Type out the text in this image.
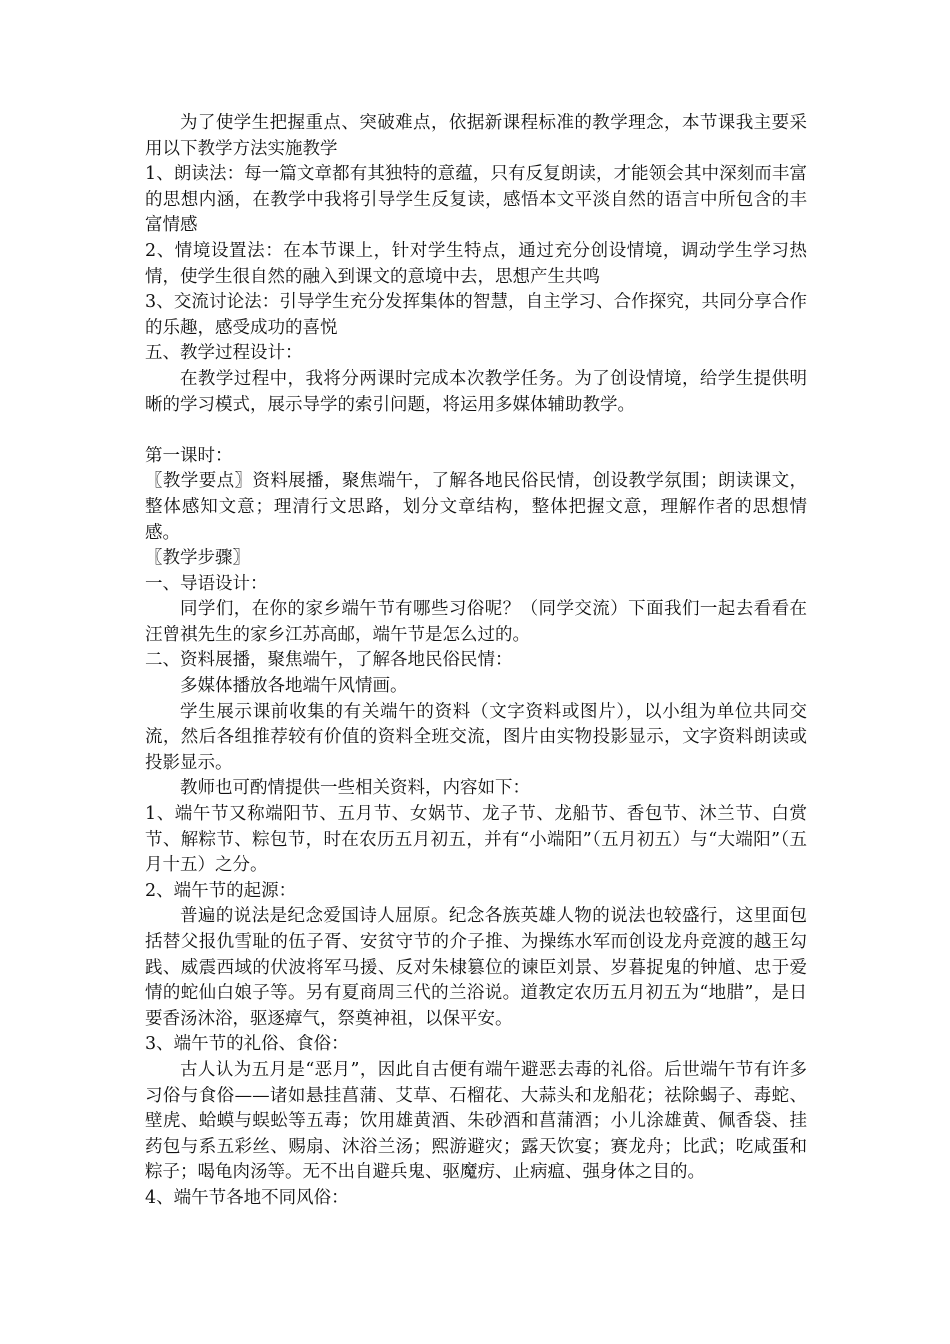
为了使学生把握重点、突破难点，依据新课程标准的教学理念，本节课我主要采用以下教学方法实施教学

1、朗读法：每一篇文章都有其独特的意蕴，只有反复朗读，才能领会其中深刻而丰富的思想内涵，在教学中我将引导学生反复读，感悟本文平淡自然的语言中所包含的丰富情感

2、情境设置法：在本节课上，针对学生特点，通过充分创设情境，调动学生学习热情，使学生很自然的融入到课文的意境中去，思想产生共鸣

3、交流讨论法：引导学生充分发挥集体的智慧，自主学习、合作探究，共同分享合作的乐趣，感受成功的喜悦

五、教学过程设计：

在教学过程中，我将分两课时完成本次教学任务。为了创设情境，给学生提供明晰的学习模式，展示导学的索引问题，将运用多媒体辅助教学。

第一课时：

〖教学要点〗资料展播，聚焦端午，了解各地民俗民情，创设教学氛围；朗读课文，整体感知文意；理清行文思路，划分文章结构，整体把握文意，理解作者的思想情感。

〖教学步骤〗

一、导语设计：

同学们，在你的家乡端午节有哪些习俗呢？（同学交流）下面我们一起去看看在汪曾祺先生的家乡江苏高邮，端午节是怎么过的。

二、资料展播，聚焦端午，了解各地民俗民情：

多媒体播放各地端午风情画。

学生展示课前收集的有关端午的资料（文字资料或图片），以小组为单位共同交流，然后各组推荐较有价值的资料全班交流，图片由实物投影显示，文字资料朗读或投影显示。

教师也可酌情提供一些相关资料，内容如下：

1、端午节又称端阳节、五月节、女娲节、龙子节、龙船节、香包节、沐兰节、白赏节、解粽节、粽包节，时在农历五月初五，并有“小端阳”（五月初五）与“大端阳”（五月十五）之分。

2、端午节的起源：

普遍的说法是纪念爱国诗人屈原。纪念各族英雄人物的说法也较盛行，这里面包括替父报仇雪耻的伍子胥、安贫守节的介子推、为操练水军而创设龙舟竞渡的越王勾践、威震西域的伏波将军马援、反对朱棣篡位的谏臣刘景、岁暮捉鬼的钟馗、忠于爱情的蛇仙白娘子等。另有夏商周三代的兰浴说。道教定农历五月初五为“地腊”，是日要香汤沐浴，驱逐瘴气，祭奠神祖，以保平安。

3、端午节的礼俗、食俗：

古人认为五月是“恶月”，因此自古便有端午避恶去毒的礼俗。后世端午节有许多习俗与食俗——诸如悬挂菖蒲、艾草、石榴花、大蒜头和龙船花；祛除蝎子、毒蛇、壁虎、蛤蟆与蜈蚣等五毒；饮用雄黄酒、朱砂酒和菖蒲酒；小儿涂雄黄、佩香袋、挂药包与系五彩丝、赐扇、沐浴兰汤；熙游避灾；露天饮宴；赛龙舟；比武；吃咸蛋和粽子；喝龟肉汤等。无不出自避兵鬼、驱魔疠、止病瘟、强身体之目的。

4、端午节各地不同风俗：
